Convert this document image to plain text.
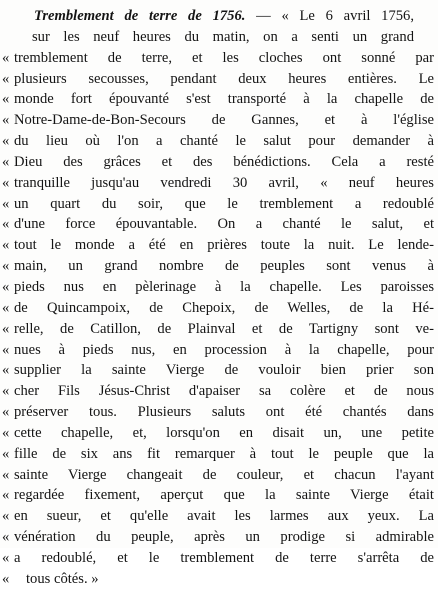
Tremblement de terre de 1756. — « Le 6 avril 1756,
sur les neuf heures du matin, on a senti un grand
« tremblement de terre, et les cloches ont sonné par
« plusieurs secousses, pendant deux heures entières. Le
« monde fort épouvanté s'est transporté à la chapelle de
« Notre-Dame-de-Bon-Secours de Gannes, et à l'église
« du lieu où l'on a chanté le salut pour demander à
« Dieu des grâces et des bénédictions. Cela a resté
« tranquille jusqu'au vendredi 30 avril, « neuf heures
« un quart du soir, que le tremblement a redoublé
« d'une force épouvantable. On a chanté le salut, et
« tout le monde a été en prières toute la nuit. Le lende-
« main, un grand nombre de peuples sont venus à
« pieds nus en pèlerinage à la chapelle. Les paroisses
« de Quincampoix, de Chepoix, de Welles, de la Hé-
« relle, de Catillon, de Plainval et de Tartigny sont ve-
« nues à pieds nus, en procession à la chapelle, pour
« supplier la sainte Vierge de vouloir bien prier son
« cher Fils Jésus-Christ d'apaiser sa colère et de nous
« préserver tous. Plusieurs saluts ont été chantés dans
« cette chapelle, et, lorsqu'on en disait un, une petite
« fille de six ans fit remarquer à tout le peuple que la
« sainte Vierge changeait de couleur, et chacun l'ayant
« regardée fixement, aperçut que la sainte Vierge était
« en sueur, et qu'elle avait les larmes aux yeux. La
« vénération du peuple, après un prodige si admirable
« a redoublé, et le tremblement de terre s'arrêta de
«	tous côtés. »
